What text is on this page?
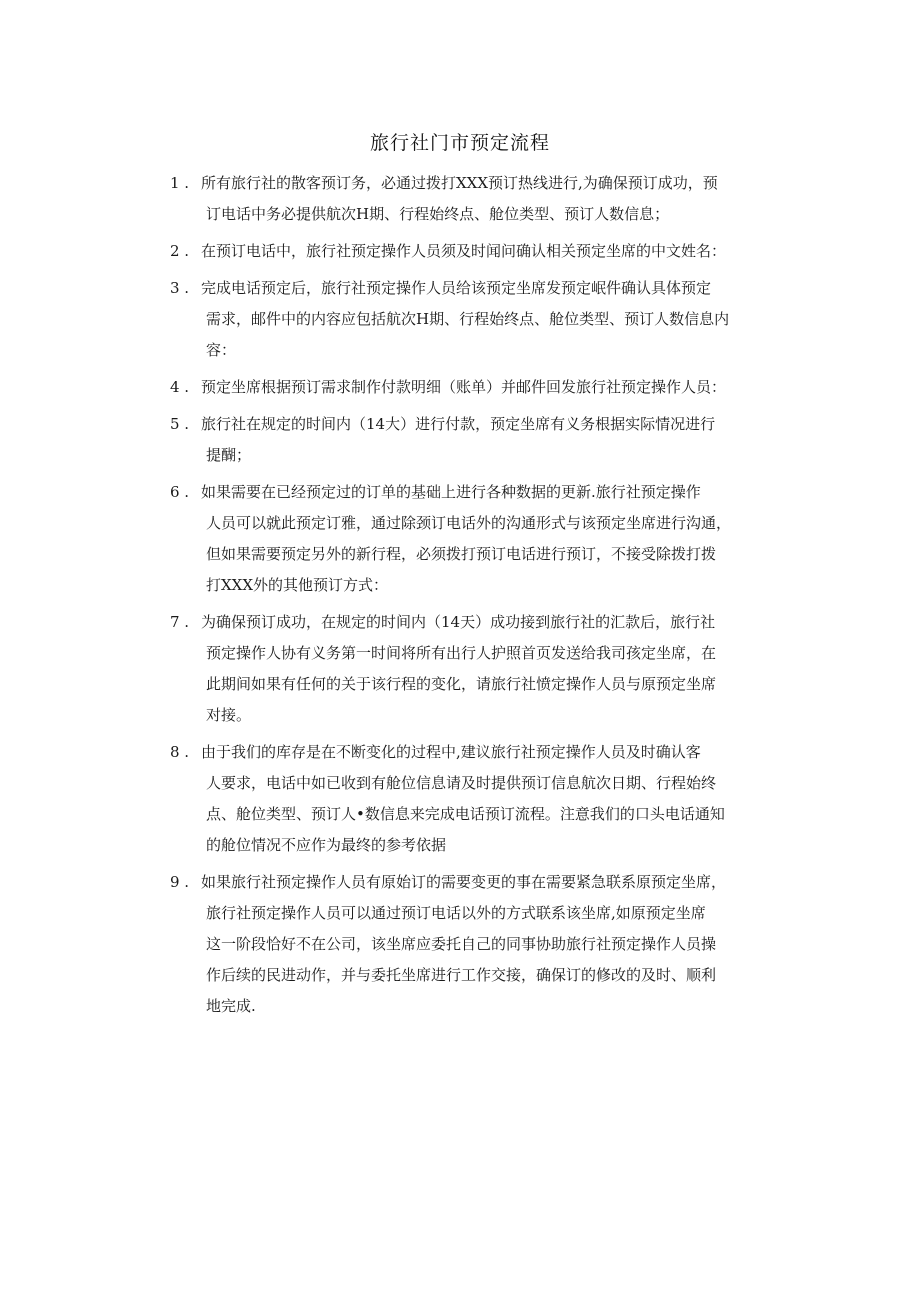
旅行社门市预定流程
1 . 所有旅行社的散客预订务，必通过拨打XXX预订热线进行,为确保预订成功，预
订电话中务必提供航次H期、行程始终点、舱位类型、预订人数信息；
2 . 在预订电话中，旅行社预定操作人员须及时闻问确认相关预定坐席的中文姓名：
3 . 完成电话预定后，旅行社预定操作人员给该预定坐席发预定岷件确认具体预定
需求，邮件中的内容应包括航次H期、行程始终点、舱位类型、预订人数信息内
容：
4 . 预定坐席根据预订需求制作付款明细（账单）并邮件回发旅行社预定操作人员：
5 . 旅行社在规定的时间内（14大）进行付款，预定坐席有义务根据实际情况进行
提醐；
6 . 如果需要在已经预定过的订单的基础上进行各种数据的更新.旅行社预定操作
人员可以就此预定订雅，通过除颈订电话外的沟通形式与该预定坐席进行沟通，
但如果需要预定另外的新行程，必须拨打预订电话进行预订，不接受除拨打拨
打XXX外的其他预订方式：
7 . 为确保预订成功，在规定的时间内（14天）成功接到旅行社的汇款后，旅行社
预定操作人协有义务第一时间将所有出行人护照首页发送给我司孩定坐席，在
此期间如果有任何的关于该行程的变化，请旅行社愤定操作人员与原预定坐席
对接。
8 . 由于我们的库存是在不断变化的过程中,建议旅行社预定操作人员及时确认客
人要求，电话中如已收到有舱位信息请及时提供预订信息航次日期、行程始终
点、舱位类型、预订人•数信息来完成电话预订流程。注意我们的口头电话通知
的舱位情况不应作为最终的参考依据
9 . 如果旅行社预定操作人员有原始订的需要变更的事在需要紧急联系原预定坐席，
旅行社预定操作人员可以通过预订电话以外的方式联系该坐席,如原预定坐席
这一阶段恰好不在公司，该坐席应委托自己的同事协助旅行社预定操作人员操
作后续的民进动作，并与委托坐席进行工作交接，确保订的修改的及时、顺利
地完成.
